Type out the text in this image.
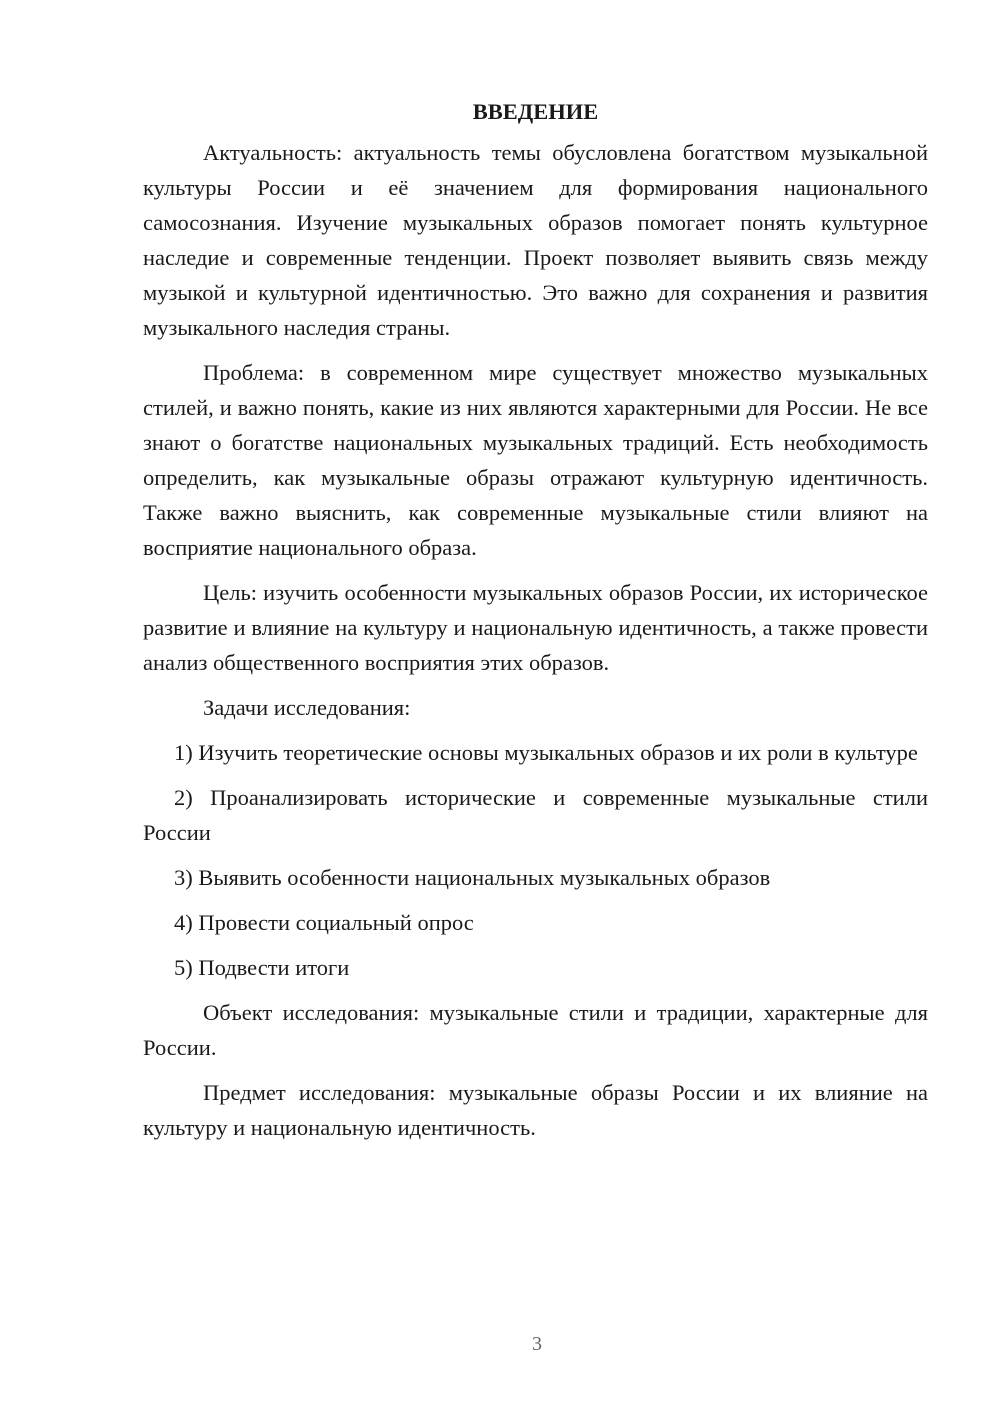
ВВЕДЕНИЕ

Актуальность: актуальность темы обусловлена богатством музыкальной культуры России и её значением для формирования национального самосознания. Изучение музыкальных образов помогает понять культурное наследие и современные тенденции. Проект позволяет выявить связь между музыкой и культурной идентичностью. Это важно для сохранения и развития музыкального наследия страны.

Проблема: в современном мире существует множество музыкальных стилей, и важно понять, какие из них являются характерными для России. Не все знают о богатстве национальных музыкальных традиций. Есть необходимость определить, как музыкальные образы отражают культурную идентичность. Также важно выяснить, как современные музыкальные стили влияют на восприятие национального образа.

Цель: изучить особенности музыкальных образов России, их историческое развитие и влияние на культуру и национальную идентичность, а также провести анализ общественного восприятия этих образов.

Задачи исследования:

1) Изучить теоретические основы музыкальных образов и их роли в культуре

2) Проанализировать исторические и современные музыкальные стили России

3) Выявить особенности национальных музыкальных образов

4) Провести социальный опрос

5) Подвести итоги

Объект исследования: музыкальные стили и традиции, характерные для России.

Предмет исследования: музыкальные образы России и их влияние на культуру и национальную идентичность.

3
